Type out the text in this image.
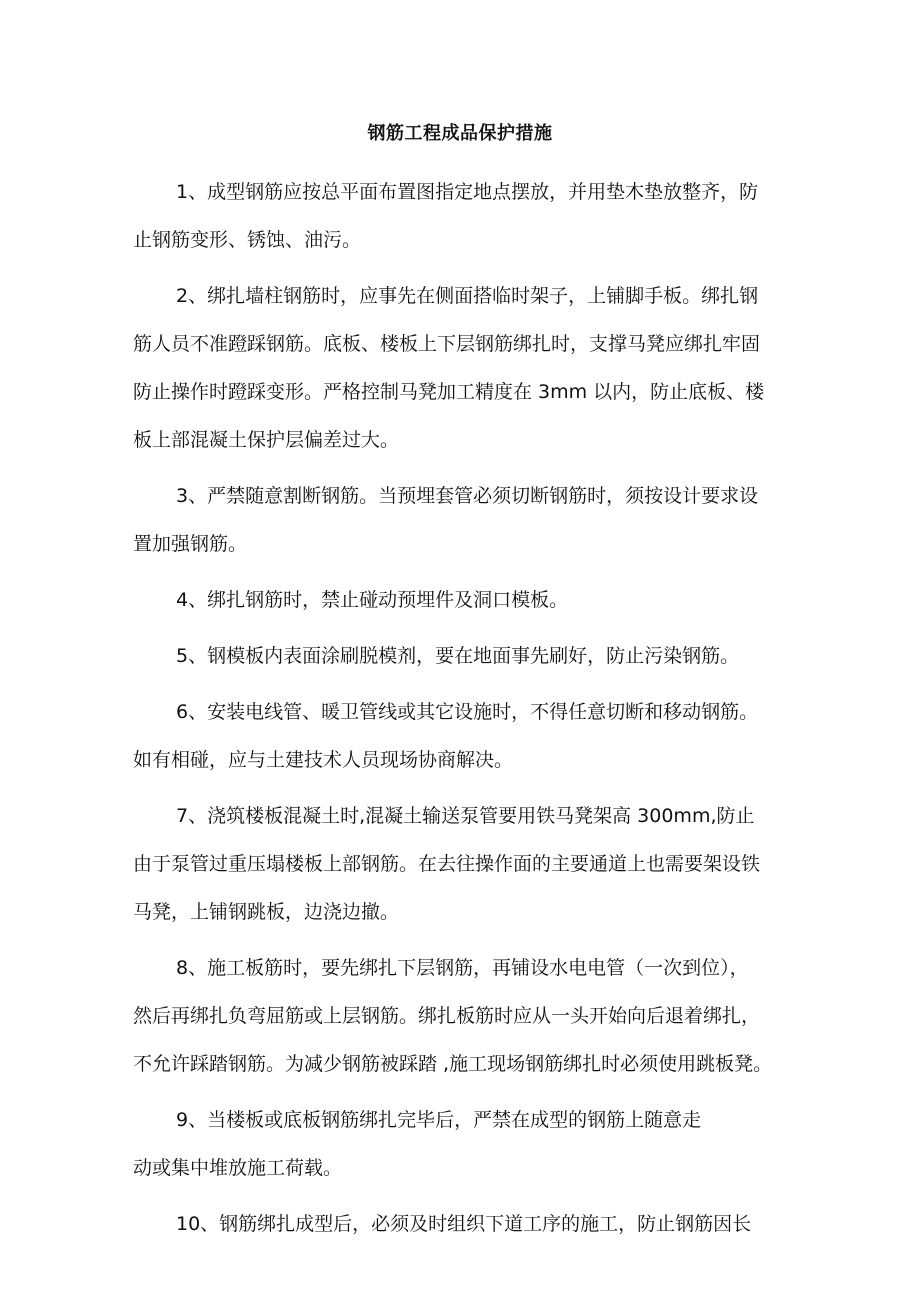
钢筋工程成品保护措施

1、成型钢筋应按总平面布置图指定地点摆放，并用垫木垫放整齐，防
止钢筋变形、锈蚀、油污。

2、绑扎墙柱钢筋时，应事先在侧面搭临时架子，上铺脚手板。绑扎钢
筋人员不准蹬踩钢筋。底板、楼板上下层钢筋绑扎时，支撑马凳应绑扎牢固
防止操作时蹬踩变形。严格控制马凳加工精度在 3mm 以内，防止底板、楼
板上部混凝土保护层偏差过大。

3、严禁随意割断钢筋。当预埋套管必须切断钢筋时，须按设计要求设
置加强钢筋。

4、绑扎钢筋时，禁止碰动预埋件及洞口模板。

5、钢模板内表面涂刷脱模剂，要在地面事先刷好，防止污染钢筋。

6、安装电线管、暖卫管线或其它设施时，不得任意切断和移动钢筋。
如有相碰，应与土建技术人员现场协商解决。

7、浇筑楼板混凝土时,混凝土输送泵管要用铁马凳架高 300mm,防止
由于泵管过重压塌楼板上部钢筋。在去往操作面的主要通道上也需要架设铁
马凳，上铺钢跳板，边浇边撤。

8、施工板筋时，要先绑扎下层钢筋，再铺设水电电管（一次到位），
然后再绑扎负弯屈筋或上层钢筋。绑扎板筋时应从一头开始向后退着绑扎，
不允许踩踏钢筋。为减少钢筋被踩踏 ,施工现场钢筋绑扎时必须使用跳板凳。

9、当楼板或底板钢筋绑扎完毕后，严禁在成型的钢筋上随意走
动或集中堆放施工荷载。

10、钢筋绑扎成型后，必须及时组织下道工序的施工，防止钢筋因长
